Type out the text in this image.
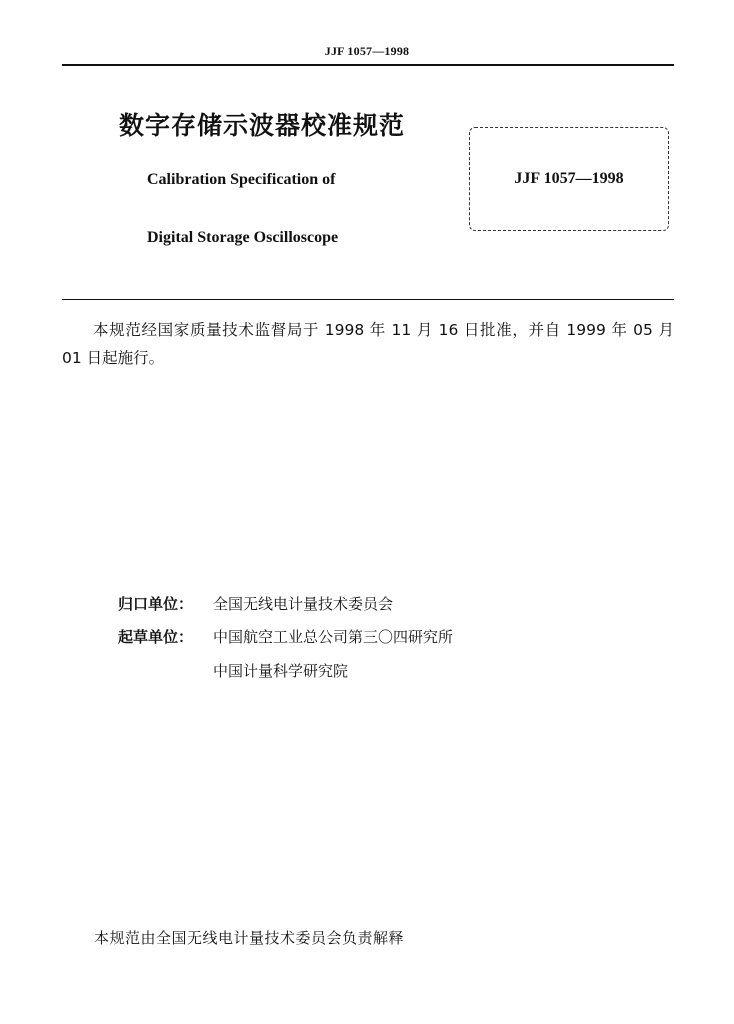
JJF 1057—1998
数字存储示波器校准规范
Calibration Specification of
Digital Storage Oscilloscope
JJF 1057—1998
本规范经国家质量技术监督局于 1998 年 11 月 16 日批准，并自 1999 年 05 月 01 日起施行。
归口单位： 全国无线电计量技术委员会
起草单位： 中国航空工业总公司第三〇四研究所
中国计量科学研究院
本规范由全国无线电计量技术委员会负责解释
